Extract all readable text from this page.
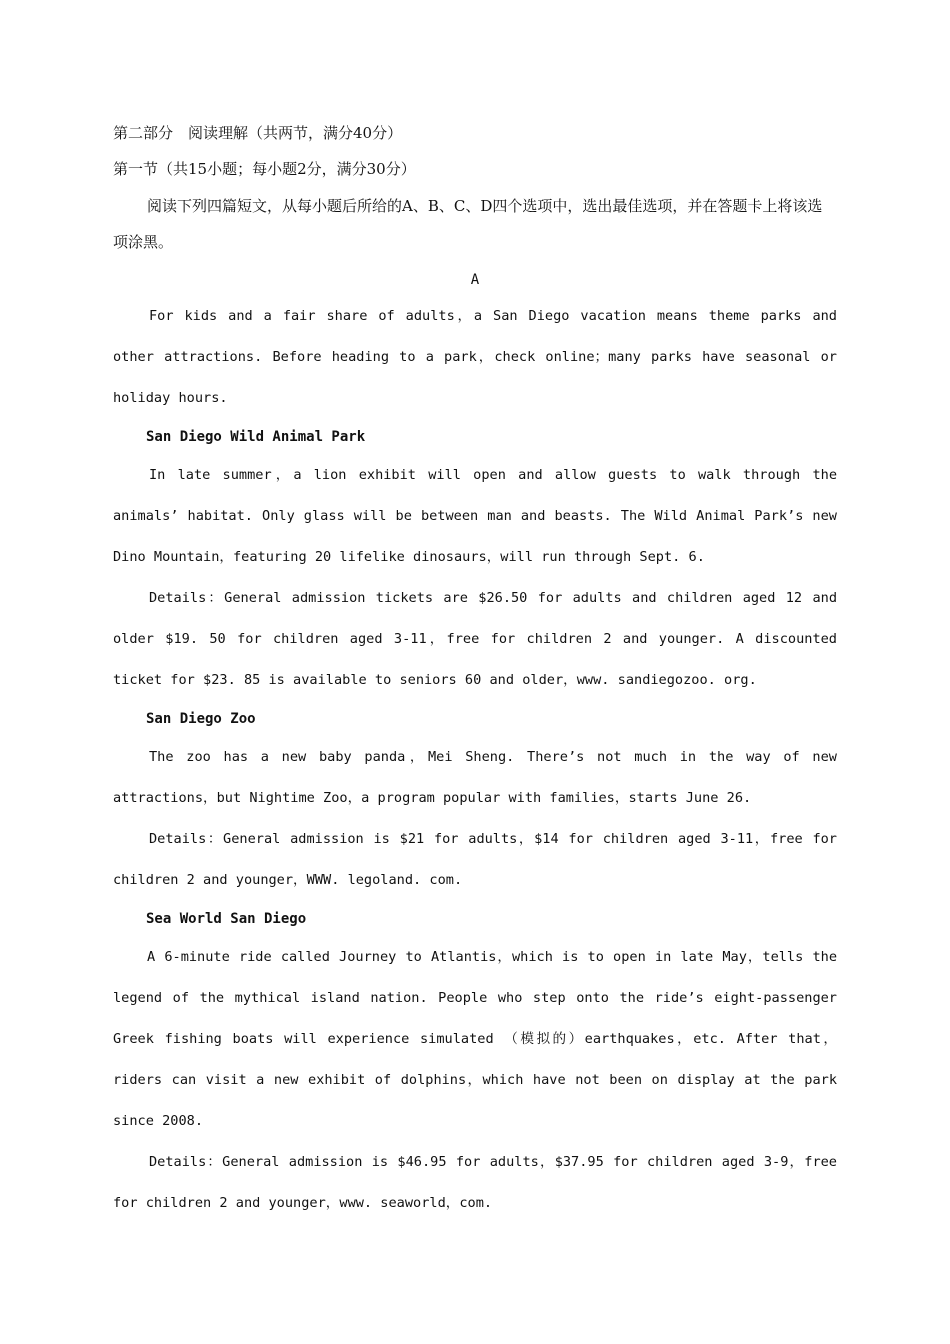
第二部分　阅读理解（共两节，满分40分）

第一节（共15小题；每小题2分，满分30分）

阅读下列四篇短文，从每小题后所给的A、B、C、D四个选项中，选出最佳选项，并在答题卡上将该选项涂黑。

A

For kids and a fair share of adults，a San Diego vacation means theme parks and other attractions. Before heading to a park，check online；many parks have seasonal or holiday hours.

San Diego Wild Animal Park

In late summer，a lion exhibit will open and allow guests to walk through the animals’ habitat. Only glass will be between man and beasts. The Wild Animal Park’s new Dino Mountain，featuring 20 lifelike dinosaurs，will run through Sept. 6.

Details：General admission tickets are $26.50 for adults and children aged 12 and older $19. 50 for children aged 3-11，free for children 2 and younger. A discounted ticket for $23. 85 is available to seniors 60 and older，www. sandiegozoo. org.

San Diego Zoo

The zoo has a new baby panda，Mei Sheng. There’s not much in the way of new attractions，but Nightime Zoo，a program popular with families，starts June 26.

Details：General admission is $21 for adults，$14 for children aged 3-11，free for children 2 and younger，WWW. legoland. com.

Sea World San Diego

A 6-minute ride called Journey to Atlantis，which is to open in late May，tells the legend of the mythical island nation. People who step onto the ride’s eight-passenger Greek fishing boats will experience simulated （模拟的）earthquakes，etc. After that，riders can visit a new exhibit of dolphins，which have not been on display at the park since 2008.

Details：General admission is $46.95 for adults，$37.95 for children aged 3-9，free for children 2 and younger，www. seaworld，com.
